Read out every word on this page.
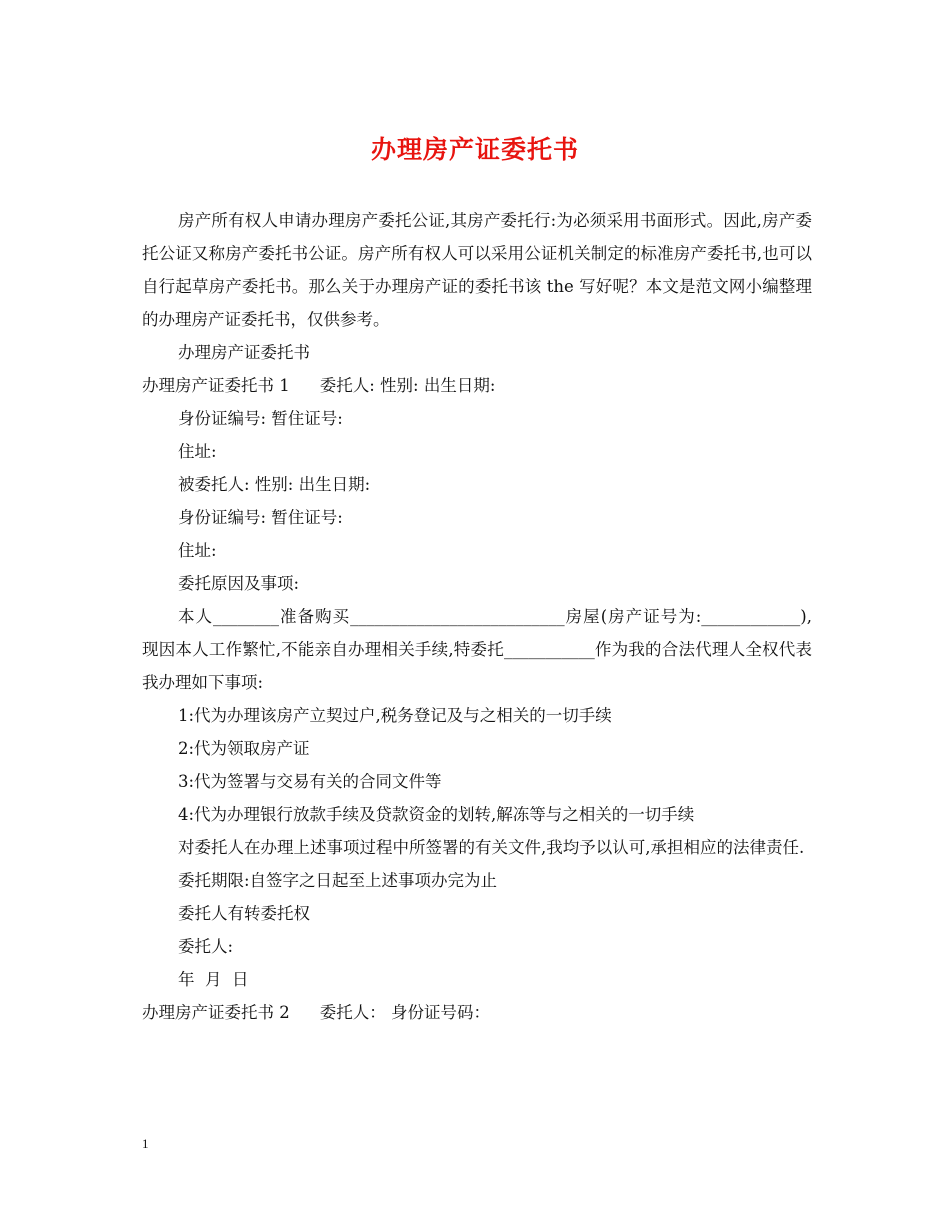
办理房产证委托书

房产所有权人申请办理房产委托公证,其房产委托行:为必须采用书面形式。因此,房产委托公证又称房产委托书公证。房产所有权人可以采用公证机关制定的标准房产委托书,也可以自行起草房产委托书。那么关于办理房产证的委托书该 the 写好呢？本文是范文网小编整理的办理房产证委托书，仅供参考。

办理房产证委托书

办理房产证委托书 1 委托人: 性别: 出生日期:

身份证编号: 暂住证号:

住址:

被委托人: 性别: 出生日期:

身份证编号: 暂住证号:

住址:

委托原因及事项:

本人________准备购买__________________________房屋(房产证号为:____________),现因本人工作繁忙,不能亲自办理相关手续,特委托___________作为我的合法代理人全权代表我办理如下事项:

1:代为办理该房产立契过户,税务登记及与之相关的一切手续

2:代为领取房产证

3:代为签署与交易有关的合同文件等

4:代为办理银行放款手续及贷款资金的划转,解冻等与之相关的一切手续

对委托人在办理上述事项过程中所签署的有关文件,我均予以认可,承担相应的法律责任.

委托期限:自签字之日起至上述事项办完为止

委托人有转委托权

委托人:

年  月  日

办理房产证委托书 2 委托人： 身份证号码：

1
